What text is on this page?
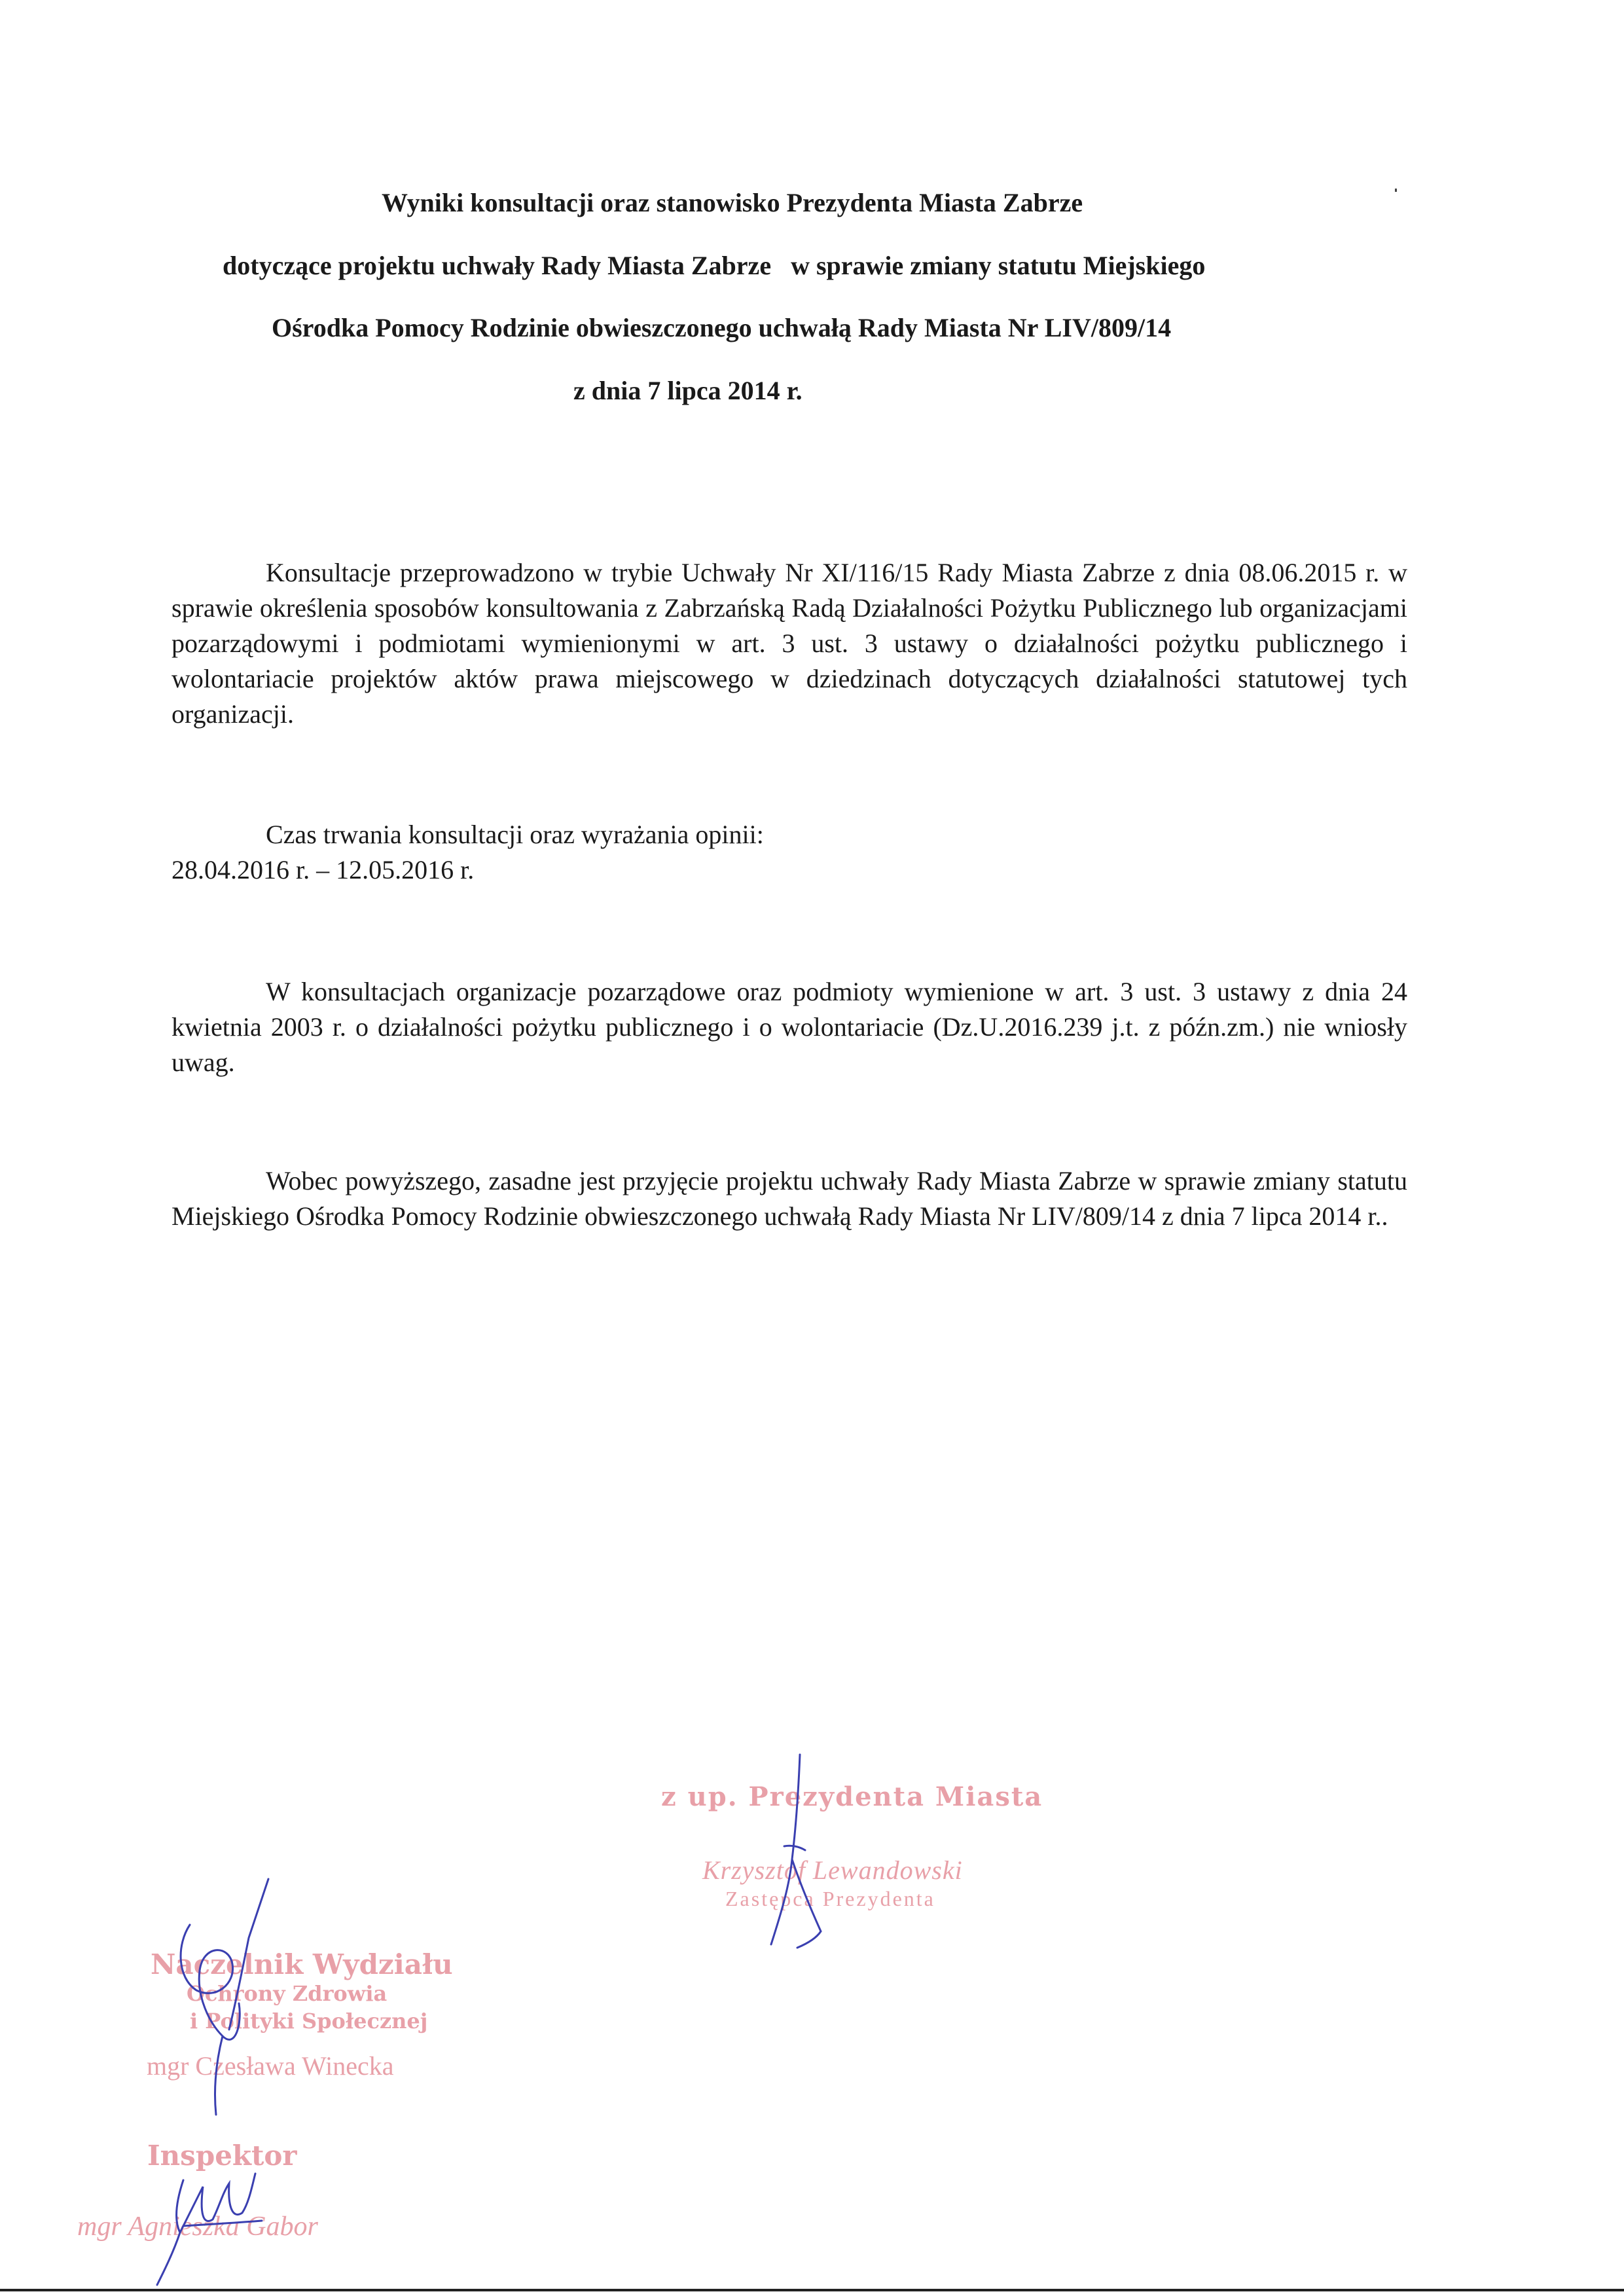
Wyniki konsultacji oraz stanowisko Prezydenta Miasta Zabrze
dotyczące projektu uchwały Rady Miasta Zabrze   w sprawie zmiany statutu Miejskiego
Ośrodka Pomocy Rodzinie obwieszczonego uchwałą Rady Miasta Nr LIV/809/14
z dnia 7 lipca 2014 r.
Konsultacje przeprowadzono w trybie Uchwały Nr XI/116/15 Rady Miasta Zabrze z dnia 08.06.2015 r. w sprawie określenia sposobów konsultowania z Zabrzańską Radą Działalności Pożytku Publicznego lub organizacjami pozarządowymi i podmiotami wymienionymi w art. 3 ust. 3 ustawy o działalności pożytku publicznego i wolontariacie projektów aktów prawa miejscowego w dziedzinach dotyczących działalności statutowej tych organizacji.
Czas trwania konsultacji oraz wyrażania opinii:
28.04.2016 r. – 12.05.2016 r.
W konsultacjach organizacje pozarządowe oraz podmioty wymienione w art. 3 ust. 3 ustawy z dnia 24 kwietnia 2003 r. o działalności pożytku publicznego i o wolontariacie (Dz.U.2016.239 j.t. z późn.zm.) nie wniosły uwag.
Wobec powyższego, zasadne jest przyjęcie projektu uchwały Rady Miasta Zabrze w sprawie zmiany statutu Miejskiego Ośrodka Pomocy Rodzinie obwieszczonego uchwałą Rady Miasta Nr LIV/809/14 z dnia 7 lipca 2014 r..
z up. Prezydenta Miasta
Krzysztof Lewandowski
Zastępca Prezydenta
Naczelnik Wydziału
Ochrony Zdrowia
i Polityki Społecznej
mgr Czesława Winecka
Inspektor
mgr Agnieszka Gabor
